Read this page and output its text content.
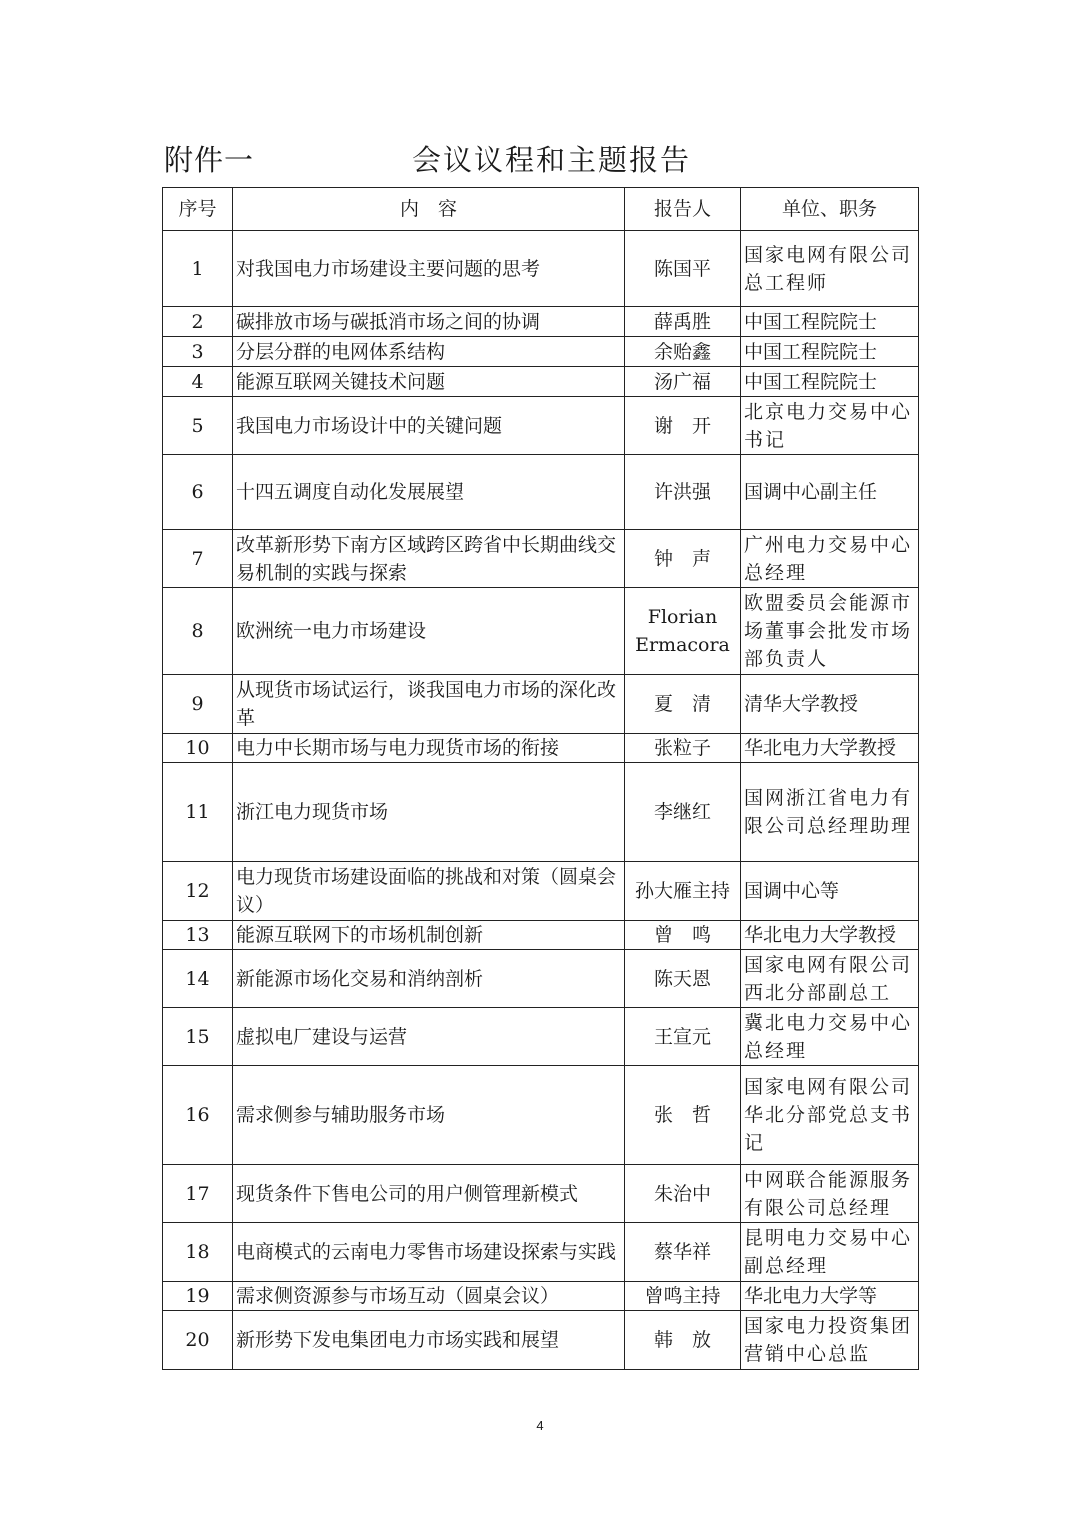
附件一	会议议程和主题报告
序号	内　容	报告人	单位、职务
1	对我国电力市场建设主要问题的思考	陈国平	国家电网有限公司总工程师
2	碳排放市场与碳抵消市场之间的协调	薛禹胜	中国工程院院士
3	分层分群的电网体系结构	余贻鑫	中国工程院院士
4	能源互联网关键技术问题	汤广福	中国工程院院士
5	我国电力市场设计中的关键问题	谢　开	北京电力交易中心书记
6	十四五调度自动化发展展望	许洪强	国调中心副主任
7	改革新形势下南方区域跨区跨省中长期曲线交易机制的实践与探索	钟　声	广州电力交易中心总经理
8	欧洲统一电力市场建设	Florian Ermacora	欧盟委员会能源市场董事会批发市场部负责人
9	从现货市场试运行，谈我国电力市场的深化改革	夏　清	清华大学教授
10	电力中长期市场与电力现货市场的衔接	张粒子	华北电力大学教授
11	浙江电力现货市场	李继红	国网浙江省电力有限公司总经理助理
12	电力现货市场建设面临的挑战和对策（圆桌会议）	孙大雁主持	国调中心等
13	能源互联网下的市场机制创新	曾　鸣	华北电力大学教授
14	新能源市场化交易和消纳剖析	陈天恩	国家电网有限公司西北分部副总工
15	虚拟电厂建设与运营	王宣元	冀北电力交易中心总经理
16	需求侧参与辅助服务市场	张　哲	国家电网有限公司华北分部党总支书记
17	现货条件下售电公司的用户侧管理新模式	朱治中	中网联合能源服务有限公司总经理
18	电商模式的云南电力零售市场建设探索与实践	蔡华祥	昆明电力交易中心副总经理
19	需求侧资源参与市场互动（圆桌会议）	曾鸣主持	华北电力大学等
20	新形势下发电集团电力市场实践和展望	韩　放	国家电力投资集团营销中心总监
4
